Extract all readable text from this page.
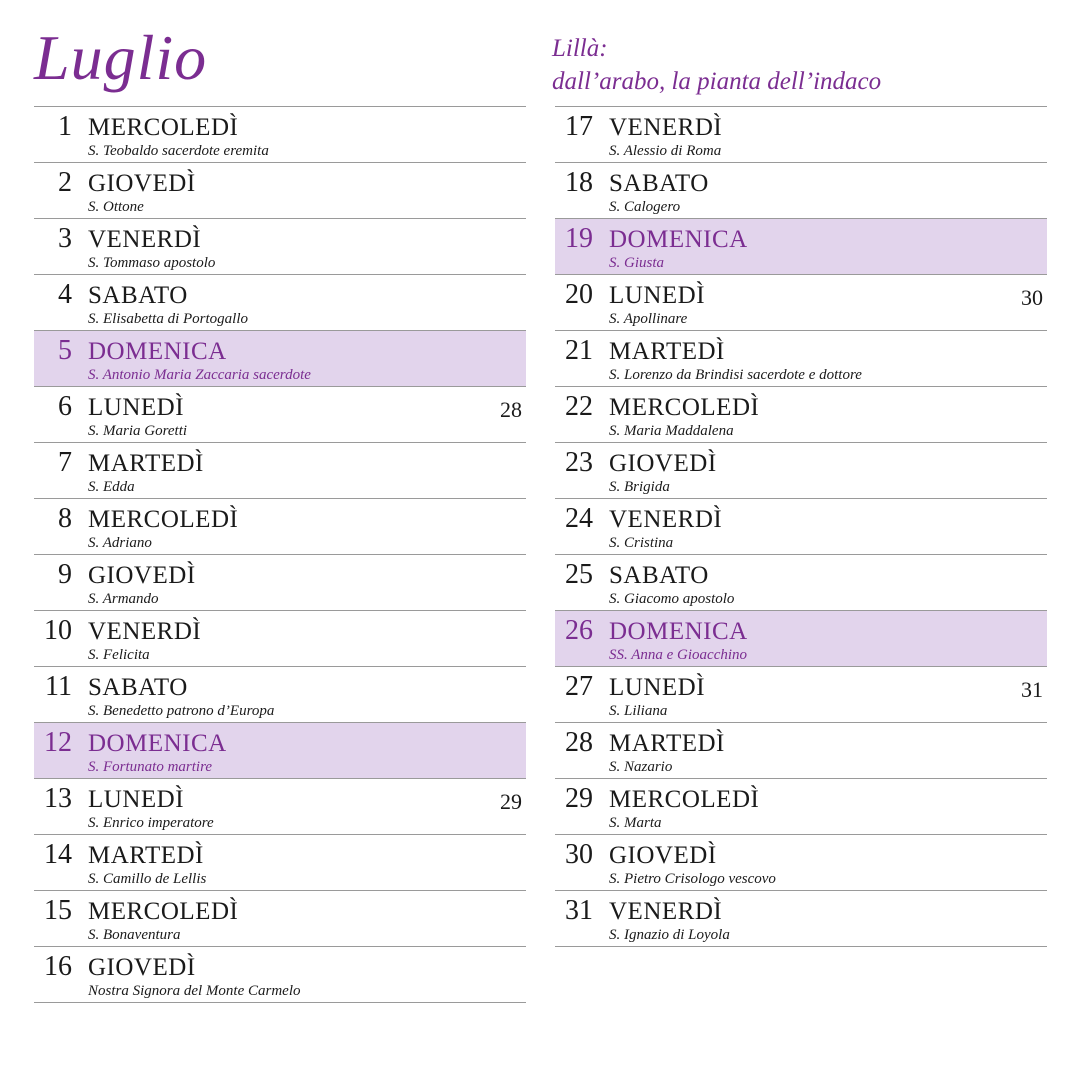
Luglio	Lillà:
dall’arabo, la pianta dell’indaco
1 MERCOLEDÌ
S. Teobaldo sacerdote eremita
2 GIOVEDÌ
S. Ottone
3 VENERDÌ
S. Tommaso apostolo
4 SABATO
S. Elisabetta di Portogallo
5 DOMENICA
S. Antonio Maria Zaccaria sacerdote
6 LUNEDÌ
S. Maria Goretti
28
7 MARTEDÌ
S. Edda
8 MERCOLEDÌ
S. Adriano
9 GIOVEDÌ
S. Armando
10 VENERDÌ
S. Felicita
11 SABATO
S. Benedetto patrono d’Europa
12 DOMENICA
S. Fortunato martire
13 LUNEDÌ
S. Enrico imperatore
29
14 MARTEDÌ
S. Camillo de Lellis
15 MERCOLEDÌ
S. Bonaventura
16 GIOVEDÌ
Nostra Signora del Monte Carmelo
17 VENERDÌ
S. Alessio di Roma
18 SABATO
S. Calogero
19 DOMENICA
S. Giusta
20 LUNEDÌ
S. Apollinare
30
21 MARTEDÌ
S. Lorenzo da Brindisi sacerdote e dottore
22 MERCOLEDÌ
S. Maria Maddalena
23 GIOVEDÌ
S. Brigida
24 VENERDÌ
S. Cristina
25 SABATO
S. Giacomo apostolo
26 DOMENICA
SS. Anna e Gioacchino
27 LUNEDÌ
S. Liliana
31
28 MARTEDÌ
S. Nazario
29 MERCOLEDÌ
S. Marta
30 GIOVEDÌ
S. Pietro Crisologo vescovo
31 VENERDÌ
S. Ignazio di Loyola
